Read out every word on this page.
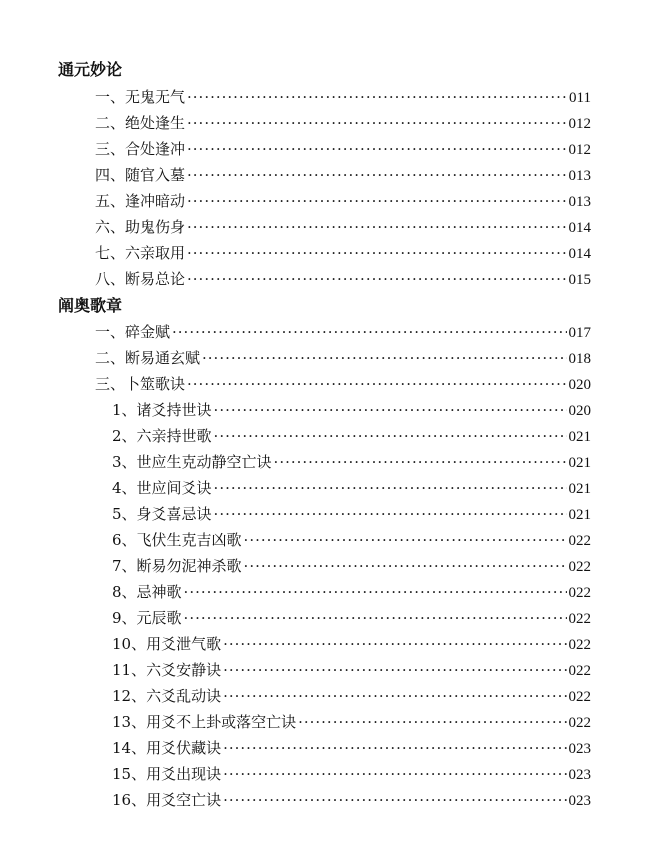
通元妙论
一、无鬼无气 ·····	011
二、绝处逢生 ·····	012
三、合处逢冲 ·····	012
四、随官入墓 ·····	013
五、逢冲暗动 ·····	013
六、助鬼伤身 ·····	014
七、六亲取用 ·····	014
八、断易总论 ·····	015
阐奥歌章
一、碎金赋 ·····	017
二、断易通玄赋 ·····	018
三、卜筮歌诀 ·····	020
1、诸爻持世诀 ·····	020
2、六亲持世歌 ·····	021
3、世应生克动静空亡诀 ·····	021
4、世应间爻诀 ·····	021
5、身爻喜忌诀 ·····	021
6、飞伏生克吉凶歌 ·····	022
7、断易勿泥神杀歌 ·····	022
8、忌神歌 ·····	022
9、元辰歌 ·····	022
10、用爻泄气歌 ·····	022
11、六爻安静诀 ·····	022
12、六爻乱动诀 ·····	022
13、用爻不上卦或落空亡诀 ·····	022
14、用爻伏藏诀 ·····	023
15、用爻出现诀 ·····	023
16、用爻空亡诀 ·····	023
